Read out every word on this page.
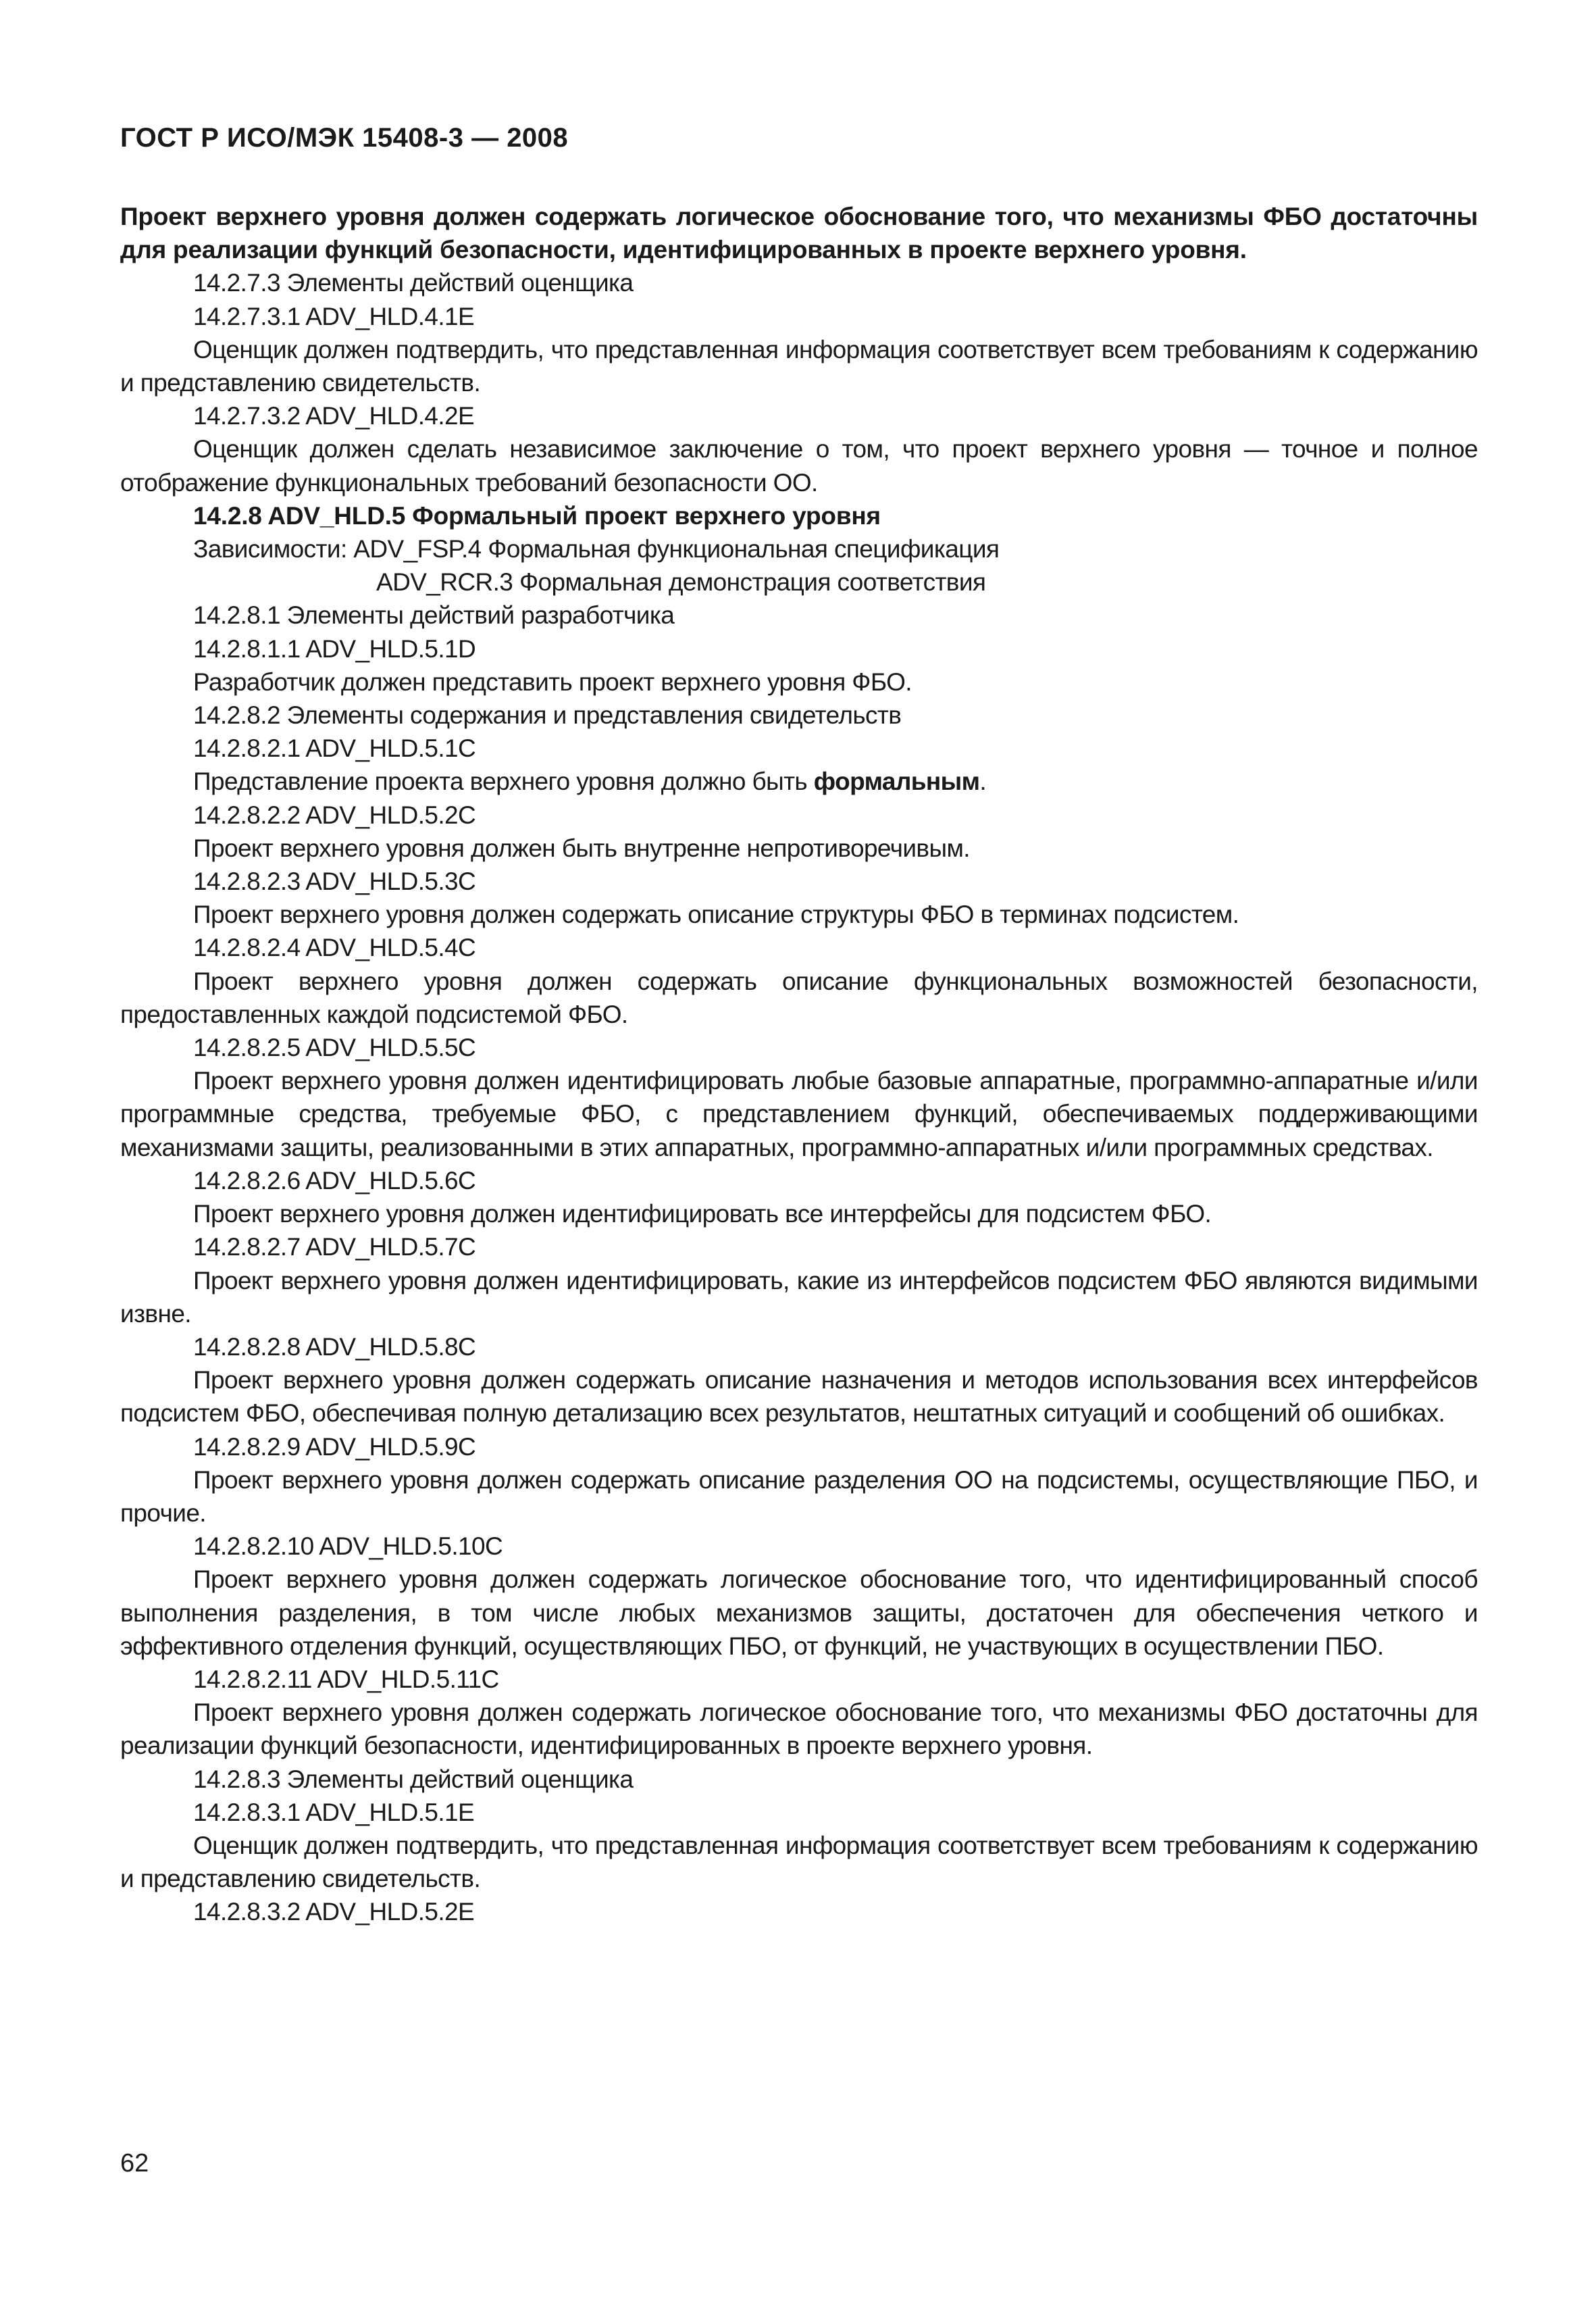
ГОСТ Р ИСО/МЭК 15408-3 — 2008

Проект верхнего уровня должен содержать логическое обоснование того, что механизмы ФБО достаточны для реализации функций безопасности, идентифицированных в проекте верхнего уровня.

14.2.7.3 Элементы действий оценщика

14.2.7.3.1 ADV_HLD.4.1E

Оценщик должен подтвердить, что представленная информация соответствует всем требованиям к содержанию и представлению свидетельств.

14.2.7.3.2 ADV_HLD.4.2E

Оценщик должен сделать независимое заключение о том, что проект верхнего уровня — точное и полное отображение функциональных требований безопасности ОО.

14.2.8 ADV_HLD.5 Формальный проект верхнего уровня

Зависимости: ADV_FSP.4 Формальная функциональная спецификация

ADV_RCR.3 Формальная демонстрация соответствия

14.2.8.1 Элементы действий разработчика

14.2.8.1.1 ADV_HLD.5.1D

Разработчик должен представить проект верхнего уровня ФБО.

14.2.8.2 Элементы содержания и представления свидетельств

14.2.8.2.1 ADV_HLD.5.1C

Представление проекта верхнего уровня должно быть формальным.

14.2.8.2.2 ADV_HLD.5.2C

Проект верхнего уровня должен быть внутренне непротиворечивым.

14.2.8.2.3 ADV_HLD.5.3C

Проект верхнего уровня должен содержать описание структуры ФБО в терминах подсистем.

14.2.8.2.4 ADV_HLD.5.4C

Проект верхнего уровня должен содержать описание функциональных возможностей безопасности, предоставленных каждой подсистемой ФБО.

14.2.8.2.5 ADV_HLD.5.5C

Проект верхнего уровня должен идентифицировать любые базовые аппаратные, программно-аппаратные и/или программные средства, требуемые ФБО, с представлением функций, обеспечиваемых поддерживающими механизмами защиты, реализованными в этих аппаратных, программно-аппаратных и/или программных средствах.

14.2.8.2.6 ADV_HLD.5.6C

Проект верхнего уровня должен идентифицировать все интерфейсы для подсистем ФБО.

14.2.8.2.7 ADV_HLD.5.7C

Проект верхнего уровня должен идентифицировать, какие из интерфейсов подсистем ФБО являются видимыми извне.

14.2.8.2.8 ADV_HLD.5.8C

Проект верхнего уровня должен содержать описание назначения и методов использования всех интерфейсов подсистем ФБО, обеспечивая полную детализацию всех результатов, нештатных ситуаций и сообщений об ошибках.

14.2.8.2.9 ADV_HLD.5.9C

Проект верхнего уровня должен содержать описание разделения ОО на подсистемы, осуществляющие ПБО, и прочие.

14.2.8.2.10 ADV_HLD.5.10C

Проект верхнего уровня должен содержать логическое обоснование того, что идентифицированный способ выполнения разделения, в том числе любых механизмов защиты, достаточен для обеспечения четкого и эффективного отделения функций, осуществляющих ПБО, от функций, не участвующих в осуществлении ПБО.

14.2.8.2.11 ADV_HLD.5.11C

Проект верхнего уровня должен содержать логическое обоснование того, что механизмы ФБО достаточны для реализации функций безопасности, идентифицированных в проекте верхнего уровня.

14.2.8.3 Элементы действий оценщика

14.2.8.3.1 ADV_HLD.5.1E

Оценщик должен подтвердить, что представленная информация соответствует всем требованиям к содержанию и представлению свидетельств.

14.2.8.3.2 ADV_HLD.5.2E

62
